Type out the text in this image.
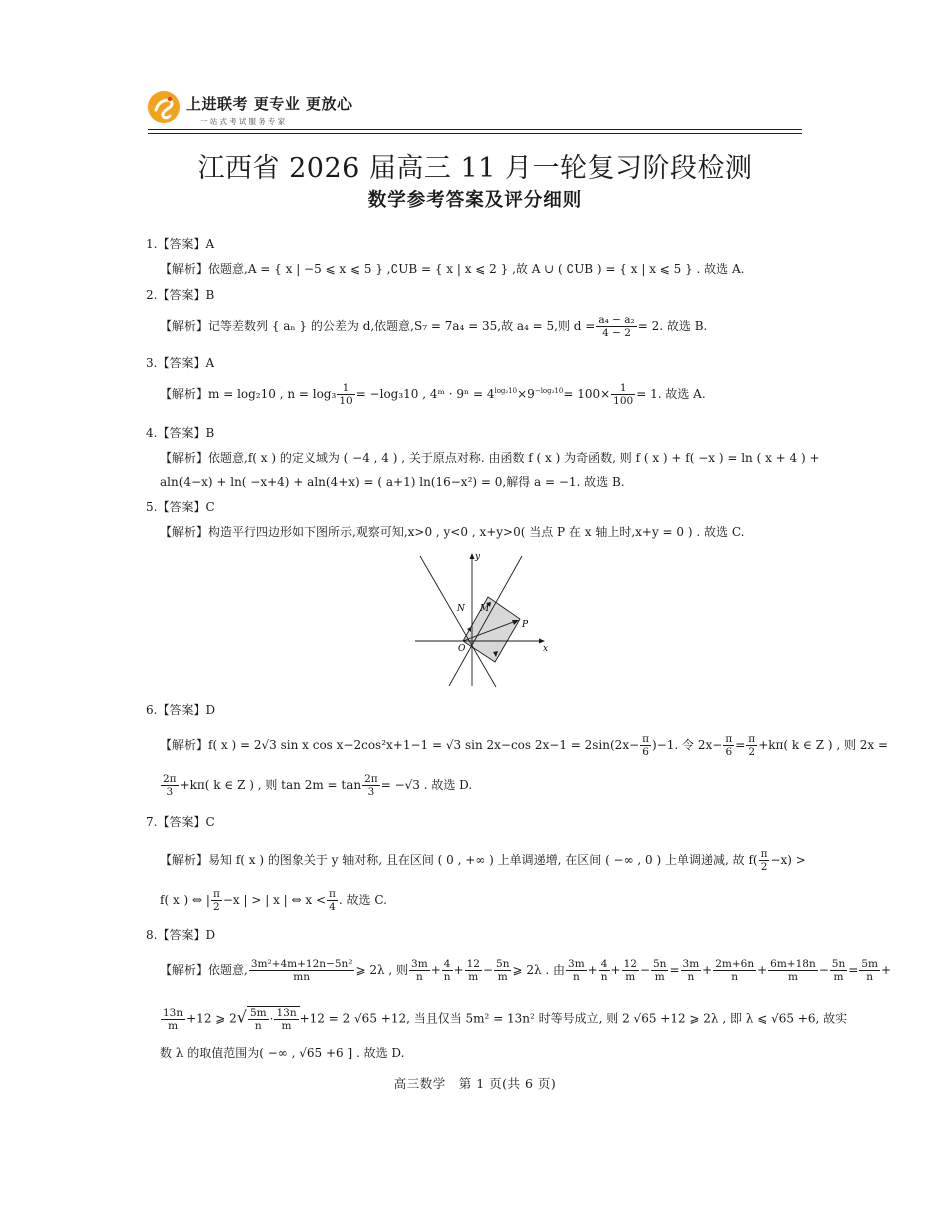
上进联考 更专业 更放心
一站式考试服务专家
江西省 2026 届高三 11 月一轮复习阶段检测
数学参考答案及评分细则
1.【答案】A
【解析】依题意,A = { x | −5 ⩽ x ⩽ 5 } ,∁UB = { x | x ⩽ 2 } ,故 A ∪ ( ∁UB ) = { x | x ⩽ 5 } . 故选 A.
2.【答案】B
【解析】记等差数列 { aₙ } 的公差为 d,依题意,S₇ = 7a₄ = 35,故 a₄ = 5,则 $d = \frac{\text{a₄ − a₂}}{4 - 2} = 2$. 故选 B.
3.【答案】A
【解析】m = log₂10 , $n = \log_3 \frac{1}{10} = -\log_310$ , 4ᵐ · $9^n = 4^{log_210}\times 9^{-log_310}= 100\times \frac{1}{100} = 1$. 故选 A.
4.【答案】B
【解析】依题意,f( x ) 的定义域为 ( −4 , 4 ) , 关于原点对称. 由函数 f ( x ) 为奇函数, 则 f ( x ) + f( −x ) = ln ( x + 4 ) +
aln(4−x) + ln( −x+4) + aln(4+x) = ( a+1) ln(16−x²) = 0,解得 a = −1. 故选 B.
5.【答案】C
【解析】构造平行四边形如下图所示,观察可知,x>0 , y<0 , x+y>0( 当点 P 在 x 轴上时,x+y = 0 ) . 故选 C.
y
x
O
N M
P
6.【答案】D
【解析】f( x ) = 2√3 sin x cos x−2cos²x+1−1 = √3 sin 2x−cos $2x-1 = 2\sin(2x- \frac{\pi}{6} )-1$. 令 $2x- \frac{\pi}{6} = \frac{\pi}{2} +k\pi$( k ∈ Z ) , 则 2x =
$\frac{2\pi}{3} +k\pi$( k ∈ Z ) , 则 $\tan 2m = \tan \frac{2\pi}{3} = -√3$ . 故选 D.
7.【答案】C
【解析】易知 f( x ) 的图象关于 y 轴对称, 且在区间 ( 0 , +∞ ) 上单调递增, 在区间 ( −∞ , 0 ) 上单调递减, 故 $f( \frac{\pi}{2} -x)$ >
f( x ) ⇔ | $\frac{\pi}{2} -x$ | > | x | ⇔ $x < \frac{\pi}{4}$ . 故选 C.
8.【答案】D
【解析】依题意, $\frac{\text{3m²+4m+12n−5n²}}{mn}$ ⩾ 2λ , 则 $\frac{3m}{n} + \frac{4}{n} + \frac{12}{m} - \frac{5n}{m}$ ⩾ 2λ . 由 $\frac{3m}{n} + \frac{4}{n} + \frac{12}{m} - \frac{5n}{m} = \frac{3m}{n} + \frac{2m+6n}{n} + \frac{6m+18n}{m} - \frac{5n}{m} = \frac{5m}{n}$ +
$\frac{13n}{m} +12$ ⩾ $2√ \frac{5m}{n} \cdot \frac{13n}{m} +12 = 2$ √65 +12, 当且仅当 5m² = 13n² 时等号成立, 则 2 √65 +12 ⩾ 2λ , 即 λ ⩽ √65 +6, 故实
数 λ 的取值范围为( −∞ , √65 +6 ] . 故选 D.
高三数学　第 1 页(共 6 页)
